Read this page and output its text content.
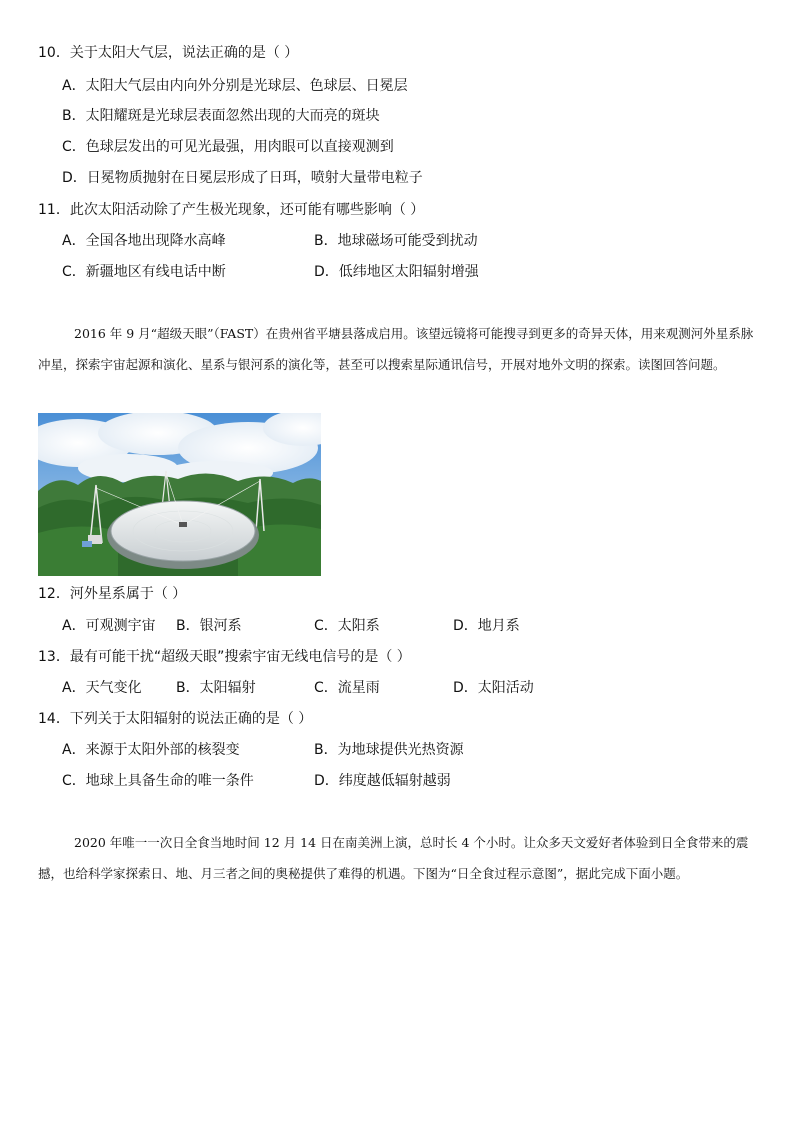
10．关于太阳大气层，说法正确的是（ ）
A．太阳大气层由内向外分别是光球层、色球层、日冕层
B．太阳耀斑是光球层表面忽然出现的大而亮的斑块
C．色球层发出的可见光最强，用肉眼可以直接观测到
D．日冕物质抛射在日冕层形成了日珥，喷射大量带电粒子
11．此次太阳活动除了产生极光现象，还可能有哪些影响（ ）
A．全国各地出现降水高峰	B．地球磁场可能受到扰动
C．新疆地区有线电话中断	D．低纬地区太阳辐射增强

2016 年 9 月“超级天眼”（FAST）在贵州省平塘县落成启用。该望远镜将可能搜寻到更多的奇异天体，用来观测河外星系脉冲星，探索宇宙起源和演化、星系与银河系的演化等，甚至可以搜索星际通讯信号，开展对地外文明的探索。读图回答问题。

12．河外星系属于（ ）
A．可观测宇宙 B．银河系	C．太阳系	D．地月系
13．最有可能干扰“超级天眼”搜索宇宙无线电信号的是（ ）
A．天气变化 B．太阳辐射	C．流星雨	D．太阳活动
14．下列关于太阳辐射的说法正确的是（ ）
A．来源于太阳外部的核裂变	B．为地球提供光热资源
C．地球上具备生命的唯一条件	D．纬度越低辐射越弱

2020 年唯一一次日全食当地时间 12 月 14 日在南美洲上演，总时长 4 个小时。让众多天文爱好者体验到日全食带来的震撼，也给科学家探索日、地、月三者之间的奥秘提供了难得的机遇。下图为“日全食过程示意图”，据此完成下面小题。
